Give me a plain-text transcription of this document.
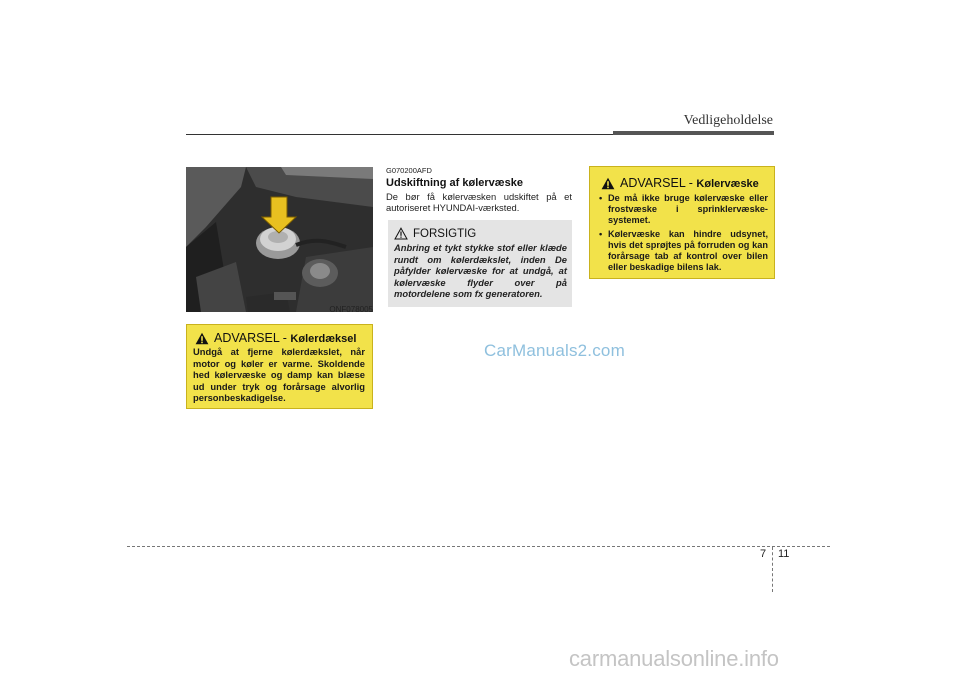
Vedligeholdelse
ONF078005
ADVARSEL - Kølerdæksel
Undgå at fjerne kølerdækslet, når motor og køler er varme. Skoldende hed kølervæske og damp kan blæse ud under tryk og forårsage alvorlig personbeskadigelse.
G070200AFD
Udskiftning af kølervæske
De bør få kølervæsken udskiftet på et autoriseret HYUNDAI-værksted.
FORSIGTIG
Anbring et tykt stykke stof eller klæde rundt om kølerdækslet, inden De påfylder kølervæske for at undgå, at kølervæske flyder over på motordelene som fx generatoren.
ADVARSEL - Kølervæske
• De må ikke bruge kølervæske eller frostvæske i sprinklervæske-systemet.
• Kølervæske kan hindre udsynet, hvis det sprøjtes på forruden og kan forårsage tab af kontrol over bilen eller beskadige bilens lak.
CarManuals2.com
7 11
carmanualsonline.info
